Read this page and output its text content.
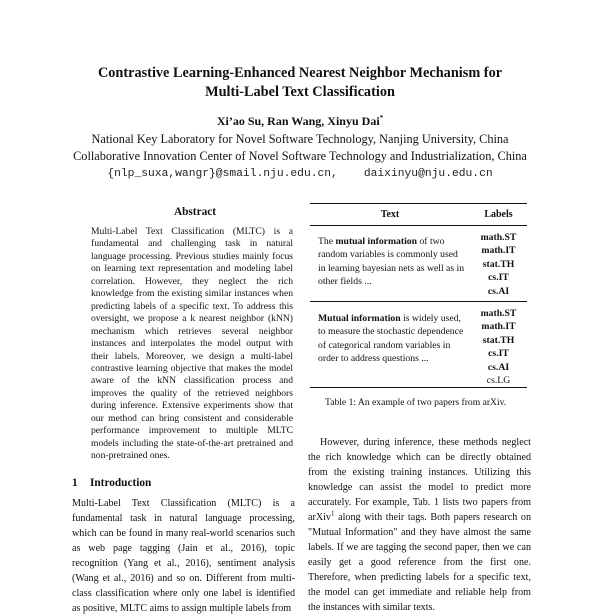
Contrastive Learning-Enhanced Nearest Neighbor Mechanism for
Multi-Label Text Classification
Xi’ao Su, Ran Wang, Xinyu Dai*
National Key Laboratory for Novel Software Technology, Nanjing University, China
Collaborative Innovation Center of Novel Software Technology and Industrialization, China
{nlp_suxa,wangr}@smail.nju.edu.cn, daixinyu@nju.edu.cn
Abstract
Multi-Label Text Classification (MLTC) is a fundamental and challenging task in natural language processing. Previous studies mainly focus on learning text representation and modeling label correlation. However, they neglect the rich knowledge from the existing similar instances when predicting labels of a specific text. To address this oversight, we propose a k nearest neighbor (kNN) mechanism which retrieves several neighbor instances and interpolates the model output with their labels. Moreover, we design a multi-label contrastive learning objective that makes the model aware of the kNN classification process and improves the quality of the retrieved neighbors during inference. Extensive experiments show that our method can bring consistent and considerable performance improvement to multiple MLTC models including the state-of-the-art pretrained and non-pretrained ones.
1 Introduction
Multi-Label Text Classification (MLTC) is a fundamental task in natural language processing, which can be found in many real-world scenarios such as web page tagging (Jain et al., 2016), topic recognition (Yang et al., 2016), sentiment analysis (Wang et al., 2016) and so on. Different from multi-class classification where only one label is identified as positive, MLTC aims to assign multiple labels from
Text	Labels
The mutual information of two random variables is commonly used in learning bayesian nets as well as in other fields ...
math.ST
math.IT
stat.TH
cs.IT
cs.AI
Mutual information is widely used, to measure the stochastic dependence of categorical random variables in order to address questions ...
math.ST
math.IT
stat.TH
cs.IT
cs.AI
cs.LG
Table 1: An example of two papers from arXiv.

However, during inference, these methods neglect the rich knowledge which can be directly obtained from the existing training instances. Utilizing this knowledge can assist the model to predict more accurately. For example, Tab. 1 lists two papers from arXiv$^1$ along with their tags. Both papers research on "Mutual Information" and they have almost the same labels. If we are tagging the second paper, then we can easily get a good reference from the first one. Therefore, when predicting labels for a specific text, the model can get immediate and reliable help from the instances with similar texts.
